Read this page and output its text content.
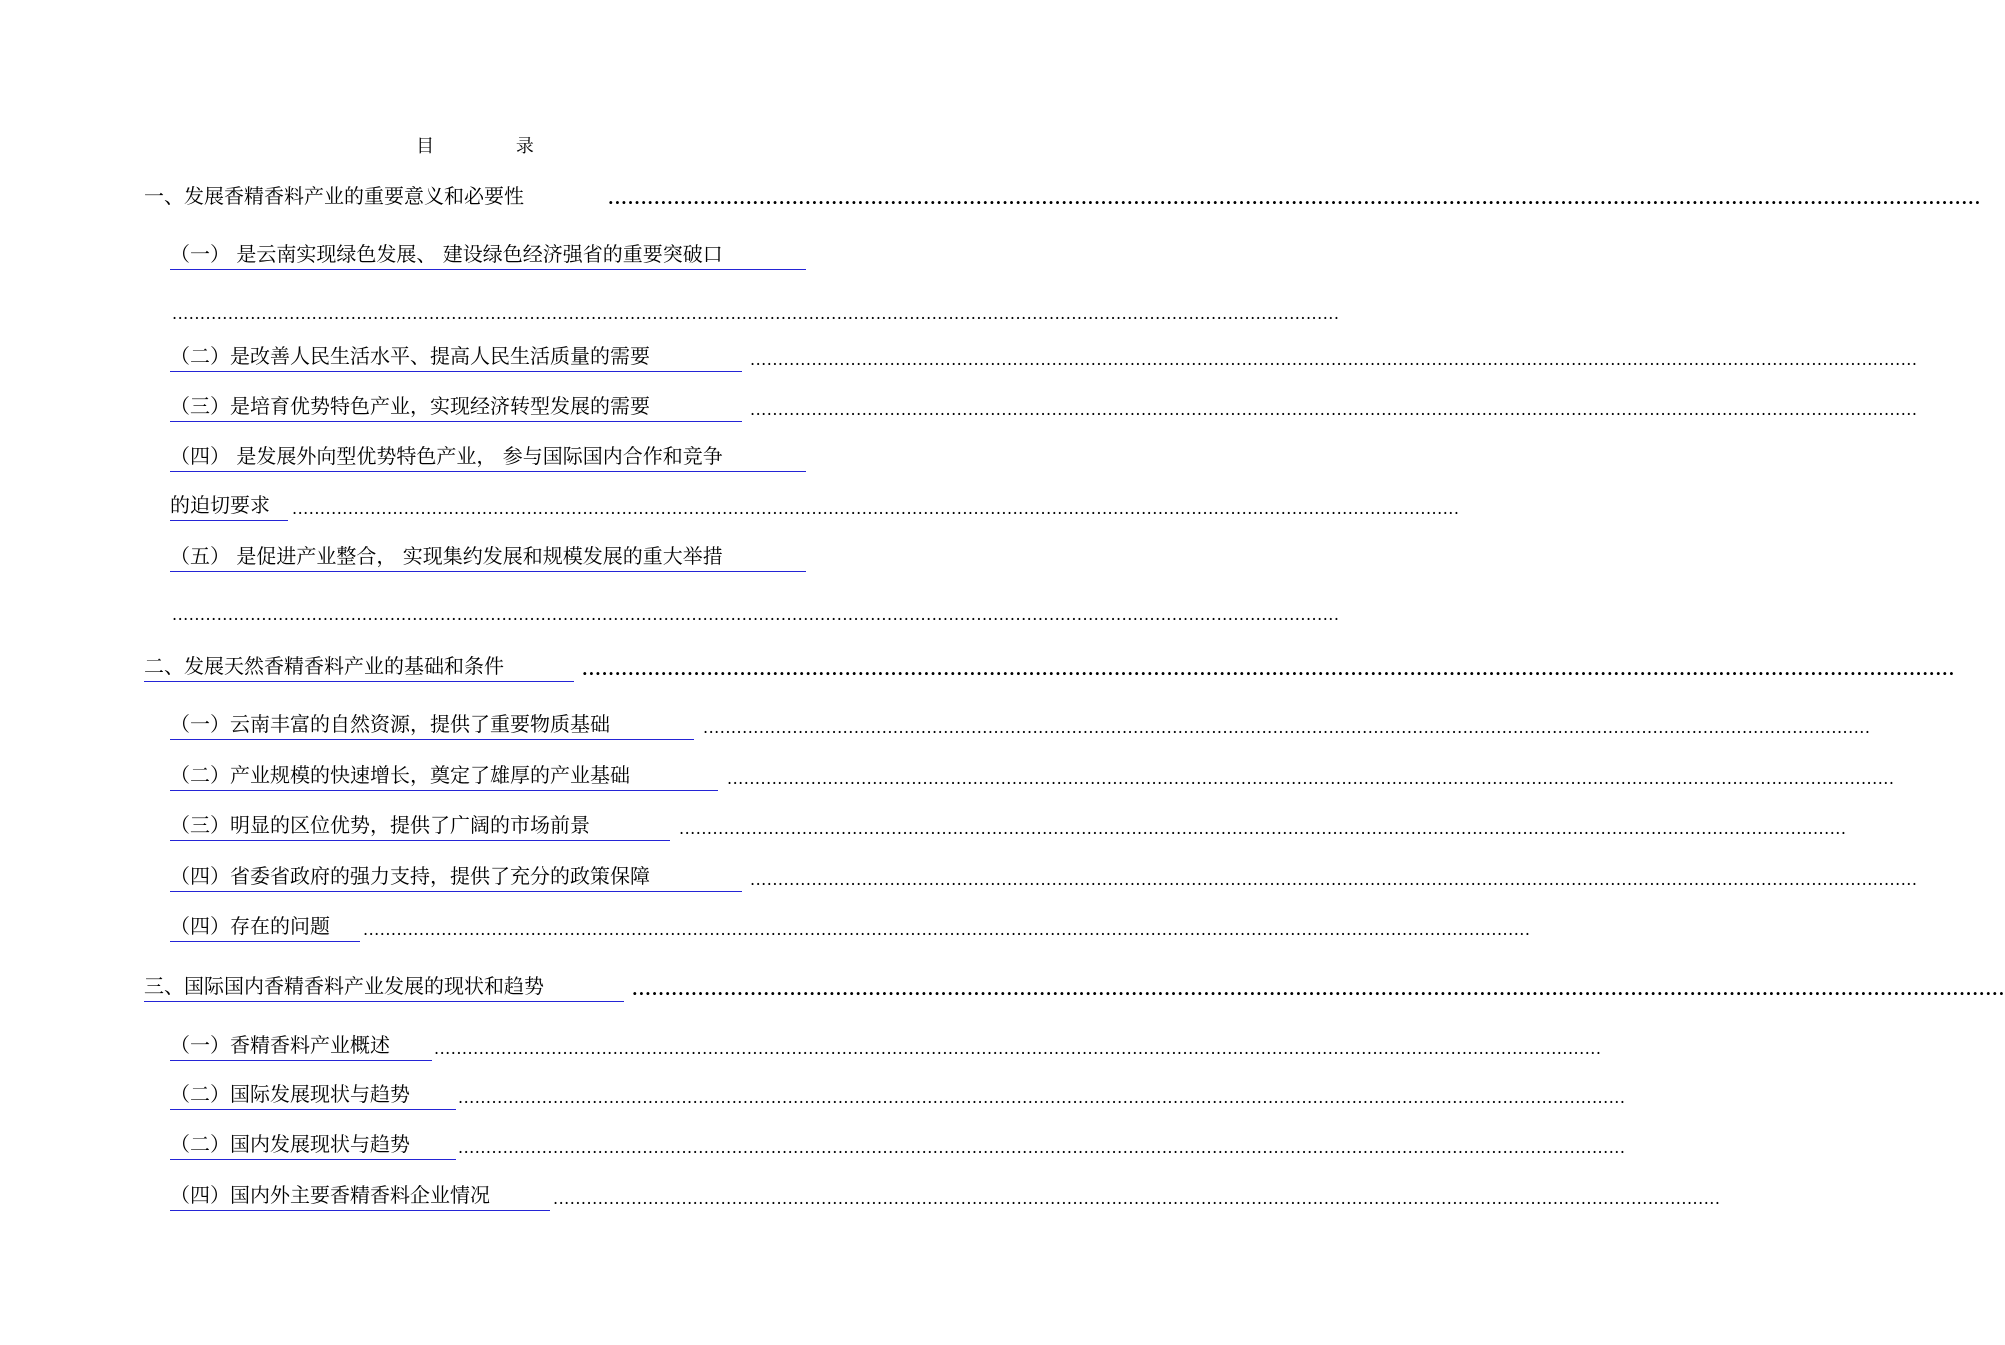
目 录
一、发展香精香料产业的重要意义和必要性	.................................................................................................................................................................................................................
（一） 是云南实现绿色发展、 建设绿色经济强省的重要突破口
.................................................................................................................................................................................................................
（二）是改善人民生活水平、提高人民生活质量的需要	.................................................................................................................................................................................................................
（三）是培育优势特色产业，实现经济转型发展的需要	.................................................................................................................................................................................................................
（四） 是发展外向型优势特色产业， 参与国际国内合作和竞争
的迫切要求	.................................................................................................................................................................................................................
（五） 是促进产业整合， 实现集约发展和规模发展的重大举措
.................................................................................................................................................................................................................
二、发展天然香精香料产业的基础和条件	.................................................................................................................................................................................................................
（一）云南丰富的自然资源，提供了重要物质基础	.................................................................................................................................................................................................................
（二）产业规模的快速增长，奠定了雄厚的产业基础	.................................................................................................................................................................................................................
（三）明显的区位优势，提供了广阔的市场前景	.................................................................................................................................................................................................................
（四）省委省政府的强力支持，提供了充分的政策保障	.................................................................................................................................................................................................................
（四）存在的问题	.................................................................................................................................................................................................................
三、国际国内香精香料产业发展的现状和趋势	.................................................................................................................................................................................................................
（一）香精香料产业概述	.................................................................................................................................................................................................................
（二）国际发展现状与趋势	.................................................................................................................................................................................................................
（二）国内发展现状与趋势	.................................................................................................................................................................................................................
（四）国内外主要香精香料企业情况	.................................................................................................................................................................................................................
